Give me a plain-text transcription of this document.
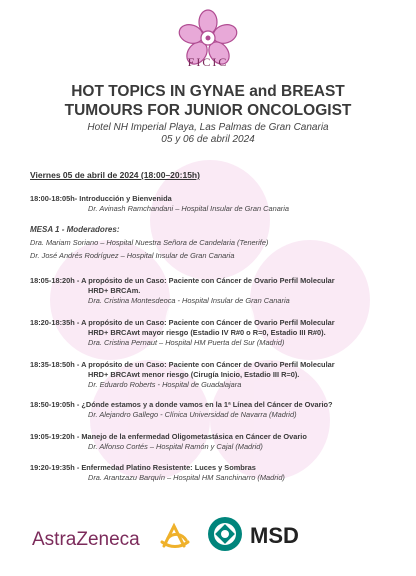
FICIC
HOT TOPICS IN GYNAE and BREAST
TUMOURS FOR JUNIOR ONCOLOGIST
Hotel NH Imperial Playa, Las Palmas de Gran Canaria
05 y 06 de abril 2024
Viernes 05 de abril de 2024 (18:00–20:15h)
18:00-18:05h- Introducción y Bienvenida
Dr. Avinash Ramchandani – Hospital Insular de Gran Canaria
MESA 1 - Moderadores:
Dra. Mariam Soriano – Hospital Nuestra Señora de Candelaria (Tenerife)
Dr. José Andrés Rodríguez – Hospital Insular de Gran Canaria
18:05-18:20h - A propósito de un Caso: Paciente con Cáncer de Ovario Perfil Molecular
HRD+ BRCAm.
Dra. Cristina Montesdeoca - Hospital Insular de Gran Canaria
18:20-18:35h - A propósito de un Caso: Paciente con Cáncer de Ovario Perfil Molecular
HRD+ BRCAwt mayor riesgo (Estadio IV R#0 o R=0, Estadio III R#0).
Dra. Cristina Pernaut – Hospital HM Puerta del Sur (Madrid)
18:35-18:50h - A propósito de un Caso: Paciente con Cáncer de Ovario Perfil Molecular
HRD+ BRCAwt menor riesgo (Cirugía Inicio, Estadio III R=0).
Dr. Eduardo Roberts - Hospital de Guadalajara
18:50-19:05h - ¿Dónde estamos y a donde vamos en la 1ª Línea del Cáncer de Ovario?
Dr. Alejandro Gallego - Clínica Universidad de Navarra (Madrid)
19:05-19:20h - Manejo de la enfermedad Oligometastásica en Cáncer de Ovario
Dr. Alfonso Cortés – Hospital Ramón y Cajal (Madrid)
19:20-19:35h - Enfermedad Platino Resistente: Luces y Sombras
Dra. Arantzazu Barquín – Hospital HM Sanchinarro (Madrid)
AstraZeneca	MSD
